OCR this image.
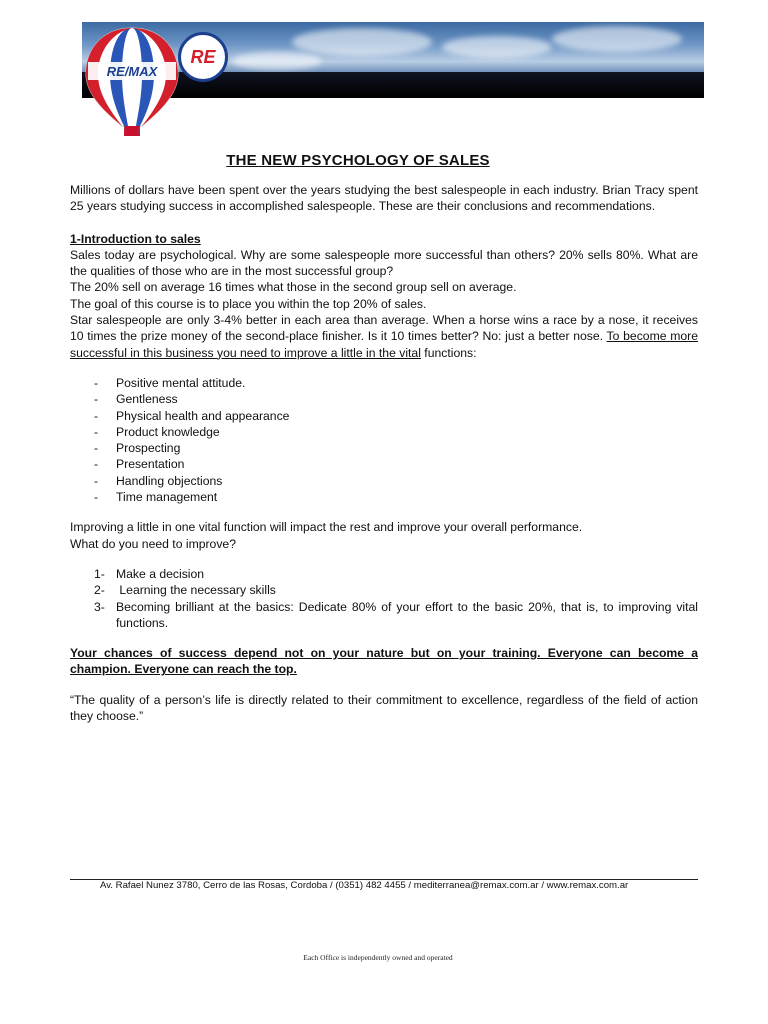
RE/MAX
RE
THE NEW PSYCHOLOGY OF SALES

Millions of dollars have been spent over the years studying the best salespeople in each industry. Brian Tracy spent 25 years studying success in accomplished salespeople. These are their conclusions and recommendations.

1-Introduction to sales

Sales today are psychological. Why are some salespeople more successful than others? 20% sells 80%. What are the qualities of those who are in the most successful group?

The 20% sell on average 16 times what those in the second group sell on average.

The goal of this course is to place you within the top 20% of sales.

Star salespeople are only 3-4% better in each area than average. When a horse wins a race by a nose, it receives 10 times the prize money of the second-place finisher. Is it 10 times better? No: just a better nose. To become more successful in this business you need to improve a little in the vital functions:

-	Positive mental attitude.
-	Gentleness
-	Physical health and appearance
-	Product knowledge
-	Prospecting
-	Presentation
-	Handling objections
-	Time management

Improving a little in one vital function will impact the rest and improve your overall performance.

What do you need to improve?

1- Make a decision
2- Learning the necessary skills
3- Becoming brilliant at the basics: Dedicate 80% of your effort to the basic 20%, that is, to improving vital functions.

Your chances of success depend not on your nature but on your training. Everyone can become a champion. Everyone can reach the top.

“The quality of a person’s life is directly related to their commitment to excellence, regardless of the field of action they choose.”

Av. Rafael Nunez 3780, Cerro de las Rosas, Cordoba / (0351) 482 4455 / mediterranea@remax.com.ar / www.remax.com.ar
Each Office is independently owned and operated
